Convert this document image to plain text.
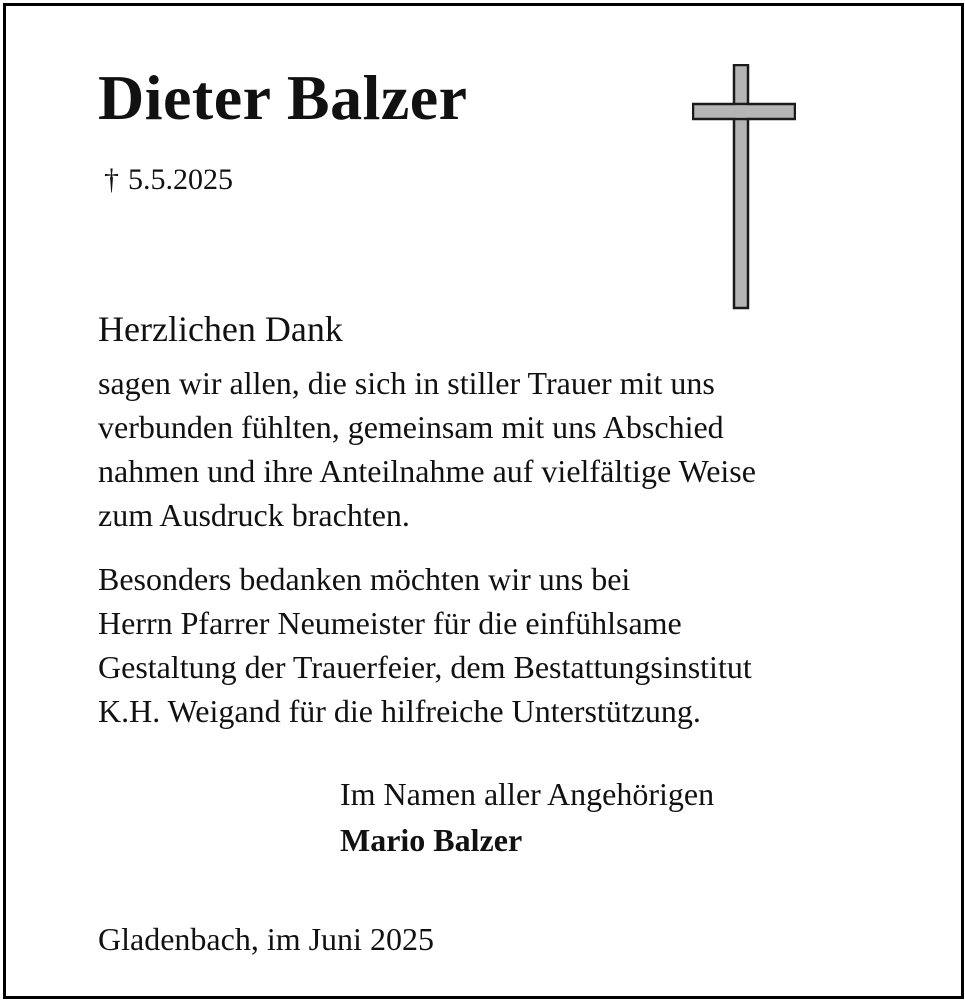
Dieter Balzer
† 5.5.2025
Herzlichen Dank
sagen wir allen, die sich in stiller Trauer mit uns
verbunden fühlten, gemeinsam mit uns Abschied
nahmen und ihre Anteilnahme auf vielfältige Weise
zum Ausdruck brachten.
Besonders bedanken möchten wir uns bei
Herrn Pfarrer Neumeister für die einfühlsame
Gestaltung der Trauerfeier, dem Bestattungsinstitut
K.H. Weigand für die hilfreiche Unterstützung.
Im Namen aller Angehörigen
Mario Balzer
Gladenbach, im Juni 2025
